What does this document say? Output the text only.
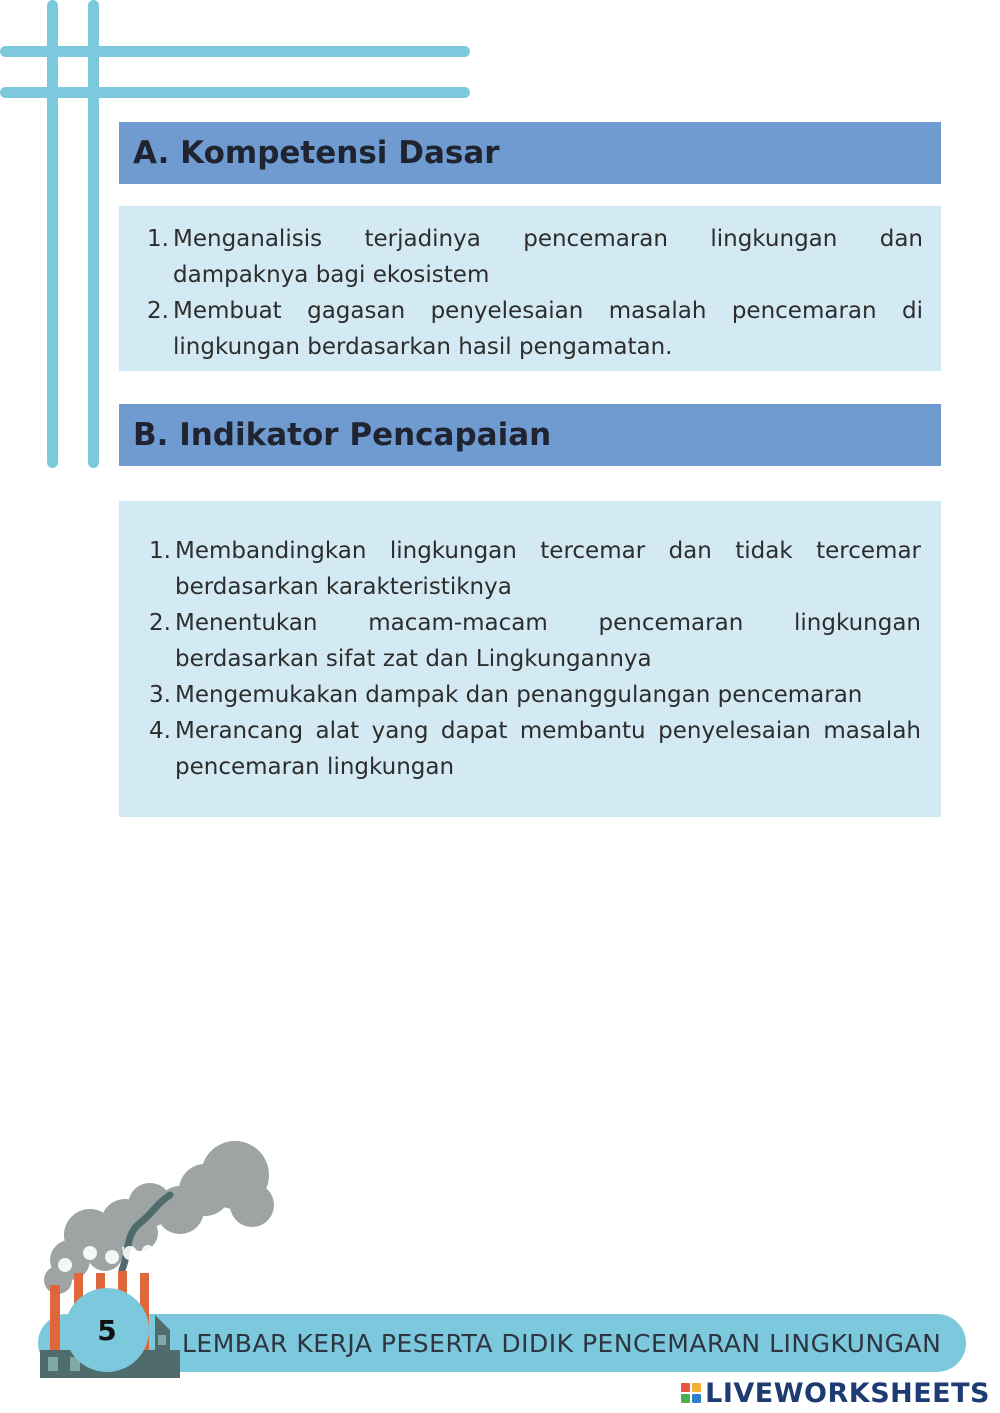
A. Kompetensi Dasar
1. Menganalisis terjadinya pencemaran lingkungan dan dampaknya bagi ekosistem
2. Membuat gagasan penyelesaian masalah pencemaran di lingkungan berdasarkan hasil pengamatan.
B. Indikator Pencapaian
1. Membandingkan lingkungan tercemar dan tidak tercemar berdasarkan karakteristiknya
2. Menentukan macam-macam pencemaran lingkungan berdasarkan sifat zat dan Lingkungannya
3. Mengemukakan dampak dan penanggulangan pencemaran
4. Merancang alat yang dapat membantu penyelesaian masalah pencemaran lingkungan
5	LEMBAR KERJA PESERTA DIDIK PENCEMARAN LINGKUNGAN
LIVEWORKSHEETS
